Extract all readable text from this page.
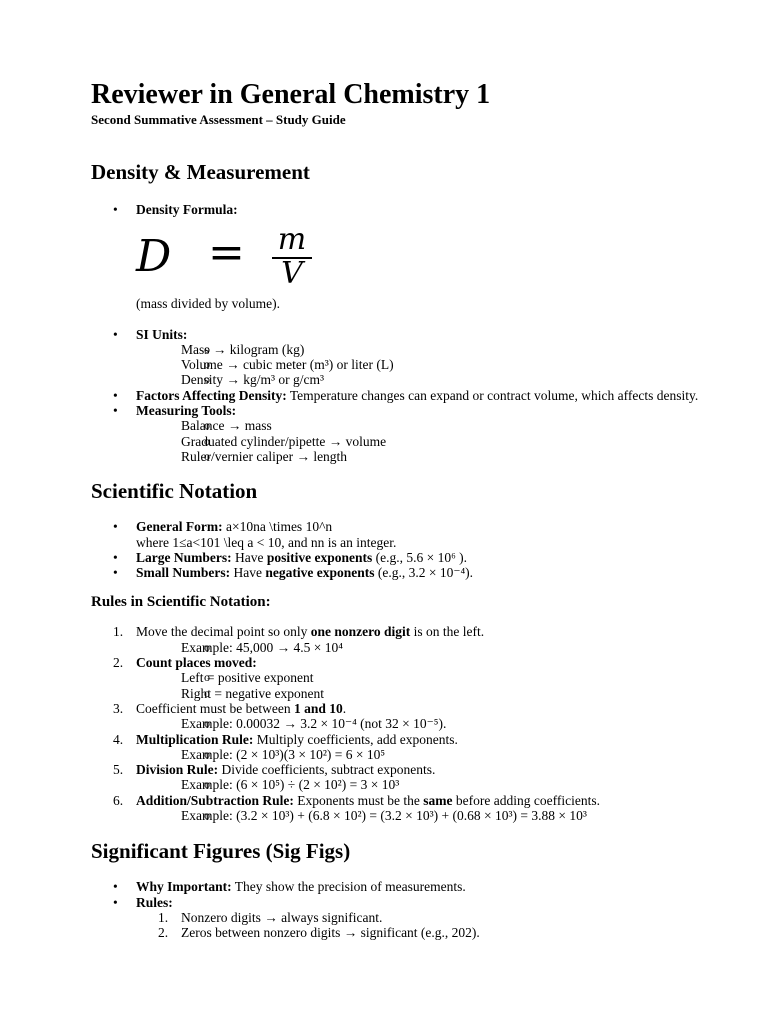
Reviewer in General Chemistry 1
Second Summative Assessment – Study Guide
Density & Measurement
• Density Formula:
D = m
V
(mass divided by volume).
• SI Units:
o Mass → kilogram (kg)
o Volume → cubic meter (m³) or liter (L)
o Density → kg/m³ or g/cm³
• Factors Affecting Density: Temperature changes can expand or contract volume, which affects density.
• Measuring Tools:
o Balance → mass
o Graduated cylinder/pipette → volume
o Ruler/vernier caliper → length
Scientific Notation
• General Form: a×10na \times 10^n
where 1≤a<101 \leq a < 10, and nn is an integer.
• Large Numbers: Have positive exponents (e.g., 5.6 × 10⁶ ).
• Small Numbers: Have negative exponents (e.g., 3.2 × 10⁻⁴).
Rules in Scientific Notation:
1. Move the decimal point so only one nonzero digit is on the left.
o Example: 45,000 → 4.5 × 10⁴
2. Count places moved:
o Left = positive exponent
o Right = negative exponent
3. Coefficient must be between 1 and 10.
o Example: 0.00032 → 3.2 × 10⁻⁴ (not 32 × 10⁻⁵).
4. Multiplication Rule: Multiply coefficients, add exponents.
o Example: (2 × 10³)(3 × 10²) = 6 × 10⁵
5. Division Rule: Divide coefficients, subtract exponents.
o Example: (6 × 10⁵) ÷ (2 × 10²) = 3 × 10³
6. Addition/Subtraction Rule: Exponents must be the same before adding coefficients.
o Example: (3.2 × 10³) + (6.8 × 10²) = (3.2 × 10³) + (0.68 × 10³) = 3.88 × 10³
Significant Figures (Sig Figs)
• Why Important: They show the precision of measurements.
• Rules:
1. Nonzero digits → always significant.
2. Zeros between nonzero digits → significant (e.g., 202).
